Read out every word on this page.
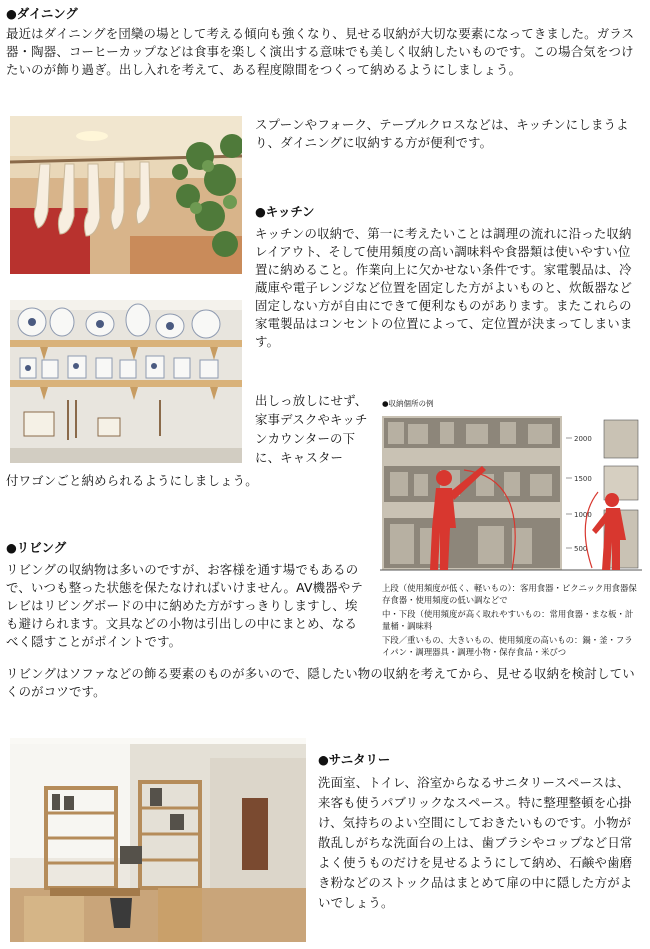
●ダイニング

最近はダイニングを団欒の場として考える傾向も強くなり、見せる収納が大切な要素になってきました。ガラス器・陶器、コーヒーカップなどは食事を楽しく演出する意味でも美しく収納したいものです。この場合気をつけたいのが飾り過ぎ。出し入れを考えて、ある程度隙間をつくって納めるようにしましょう。

スプーンやフォーク、テーブルクロスなどは、キッチンにしまうより、ダイニングに収納する方が便利です。

●キッチン

キッチンの収納で、第一に考えたいことは調理の流れに沿った収納レイアウト、そして使用頻度の高い調味料や食器類は使いやすい位置に納めること。作業向上に欠かせない条件です。家電製品は、冷蔵庫や電子レンジなど位置を固定した方がよいものと、炊飯器など固定しない方が自由にできて便利なものがあります。またこれらの家電製品はコンセントの位置によって、定位置が決まってしまいます。

出しっ放しにせず、家事デスクやキッチンカウンターの下に、キャスター

付ワゴンごと納められるようにしましょう。

●収納個所の例
2000
1500
1000
500

上段（使用頻度が低く、軽いもの）：客用食器・ピクニック用食器保存食器・使用頻度の低い調などで

中・下段（使用頻度が高く取れやすいもの：常用食器・まな板・計量桶・調味料

下段／重いもの、大きいもの、使用頻度の高いもの：鍋・釜・フライパン・調理器具・調理小物・保存食品・米びつ

●リビング

リビングの収納物は多いのですが、お客様を通す場でもあるので、いつも整った状態を保たなければいけません。AV機器やテレビはリビングボードの中に納めた方がすっきりしますし、埃も避けられます。文具などの小物は引出しの中にまとめ、なるべく隠すことがポイントです。

リビングはソファなどの飾る要素のものが多いので、隠したい物の収納を考えてから、見せる収納を検討していくのがコツです。

●サニタリー

洗面室、トイレ、浴室からなるサニタリースペースは、来客も使うパブリックなスペース。特に整理整頓を心掛け、気持ちのよい空間にしておきたいものです。小物が散乱しがちな洗面台の上は、歯ブラシやコップなど日常よく使うものだけを見せるようにして納め、石鹸や歯磨き粉などのストック品はまとめて扉の中に隠した方がよいでしょう。
